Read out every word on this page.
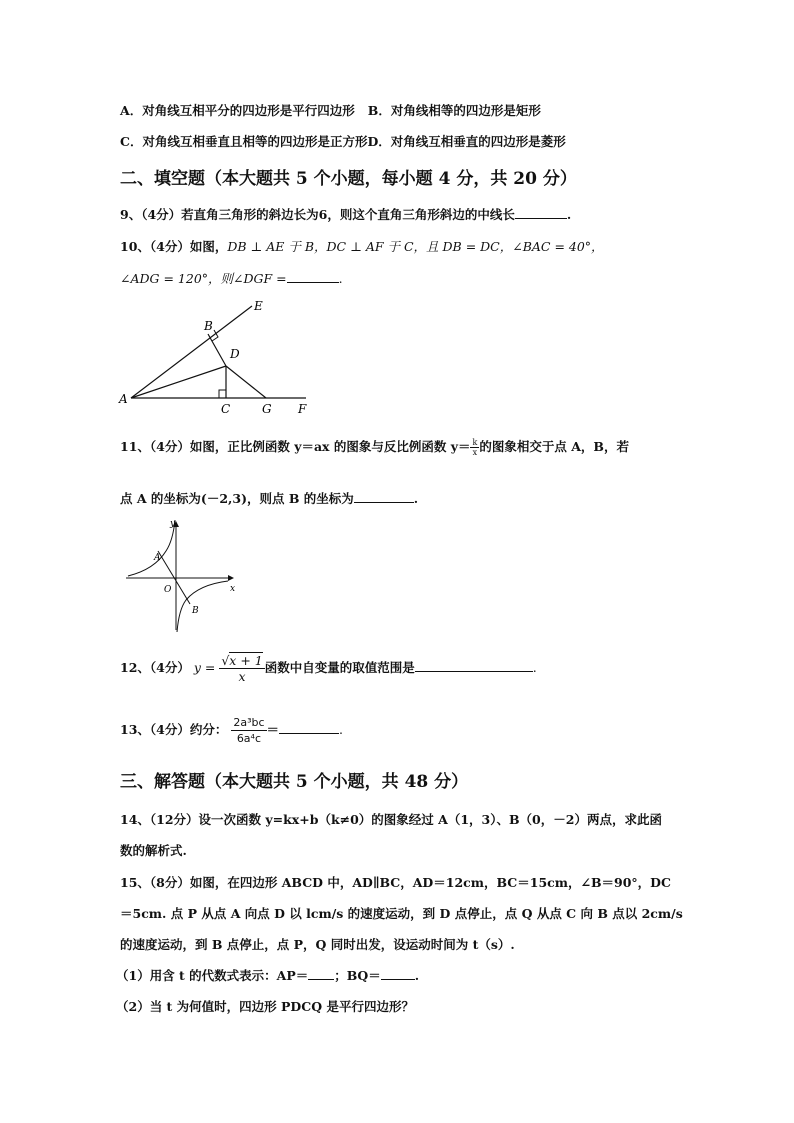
A．对角线互相平分的四边形是平行四边形 B．对角线相等的四边形是矩形
C．对角线互相垂直且相等的四边形是正方形D．对角线互相垂直的四边形是菱形
二、填空题（本大题共 5 个小题，每小题 4 分，共 20 分）
9、（4分）若直角三角形的斜边长为6，则这个直角三角形斜边的中线长	.
10、（4分）如图，DB ⊥ AE 于 B，DC ⊥ AF 于 C，且 DB = DC，∠BAC = 40°，
∠ADG = 120°，则∠DGF =	.
A
B
C
D
E
F
G
11、（4分）如图，正比例函数 y＝ax 的图象与反比例函数 $y= \frac{k}{x}$ 的图象相交于点 A，B，若
点 A 的坐标为(－2,3)，则点 B 的坐标为	.
y
x
O
A
B
12、（4分） $y = \frac{√x + 1}{x}$ 函数中自变量的取值范围是	.
13、（4分）约分： $\frac{\text{2a³bc}}{\text{6a⁴c}}$ ＝	.
三、解答题（本大题共 5 个小题，共 48 分）
14、（12分）设一次函数 y=kx+b（k≠0）的图象经过 A（1，3）、B（0，－2）两点，求此函
数的解析式.
15、（8分）如图，在四边形 ABCD 中，AD∥BC，AD＝12cm，BC＝15cm，∠B＝90°，DC
＝5cm. 点 P 从点 A 向点 D 以 lcm/s 的速度运动，到 D 点停止，点 Q 从点 C 向 B 点以 2cm/s
的速度运动，到 B 点停止，点 P，Q 同时出发，设运动时间为 t（s）.
（1）用含 t 的代数式表示：AP＝ ；BQ＝	.
（2）当 t 为何值时，四边形 PDCQ 是平行四边形？
